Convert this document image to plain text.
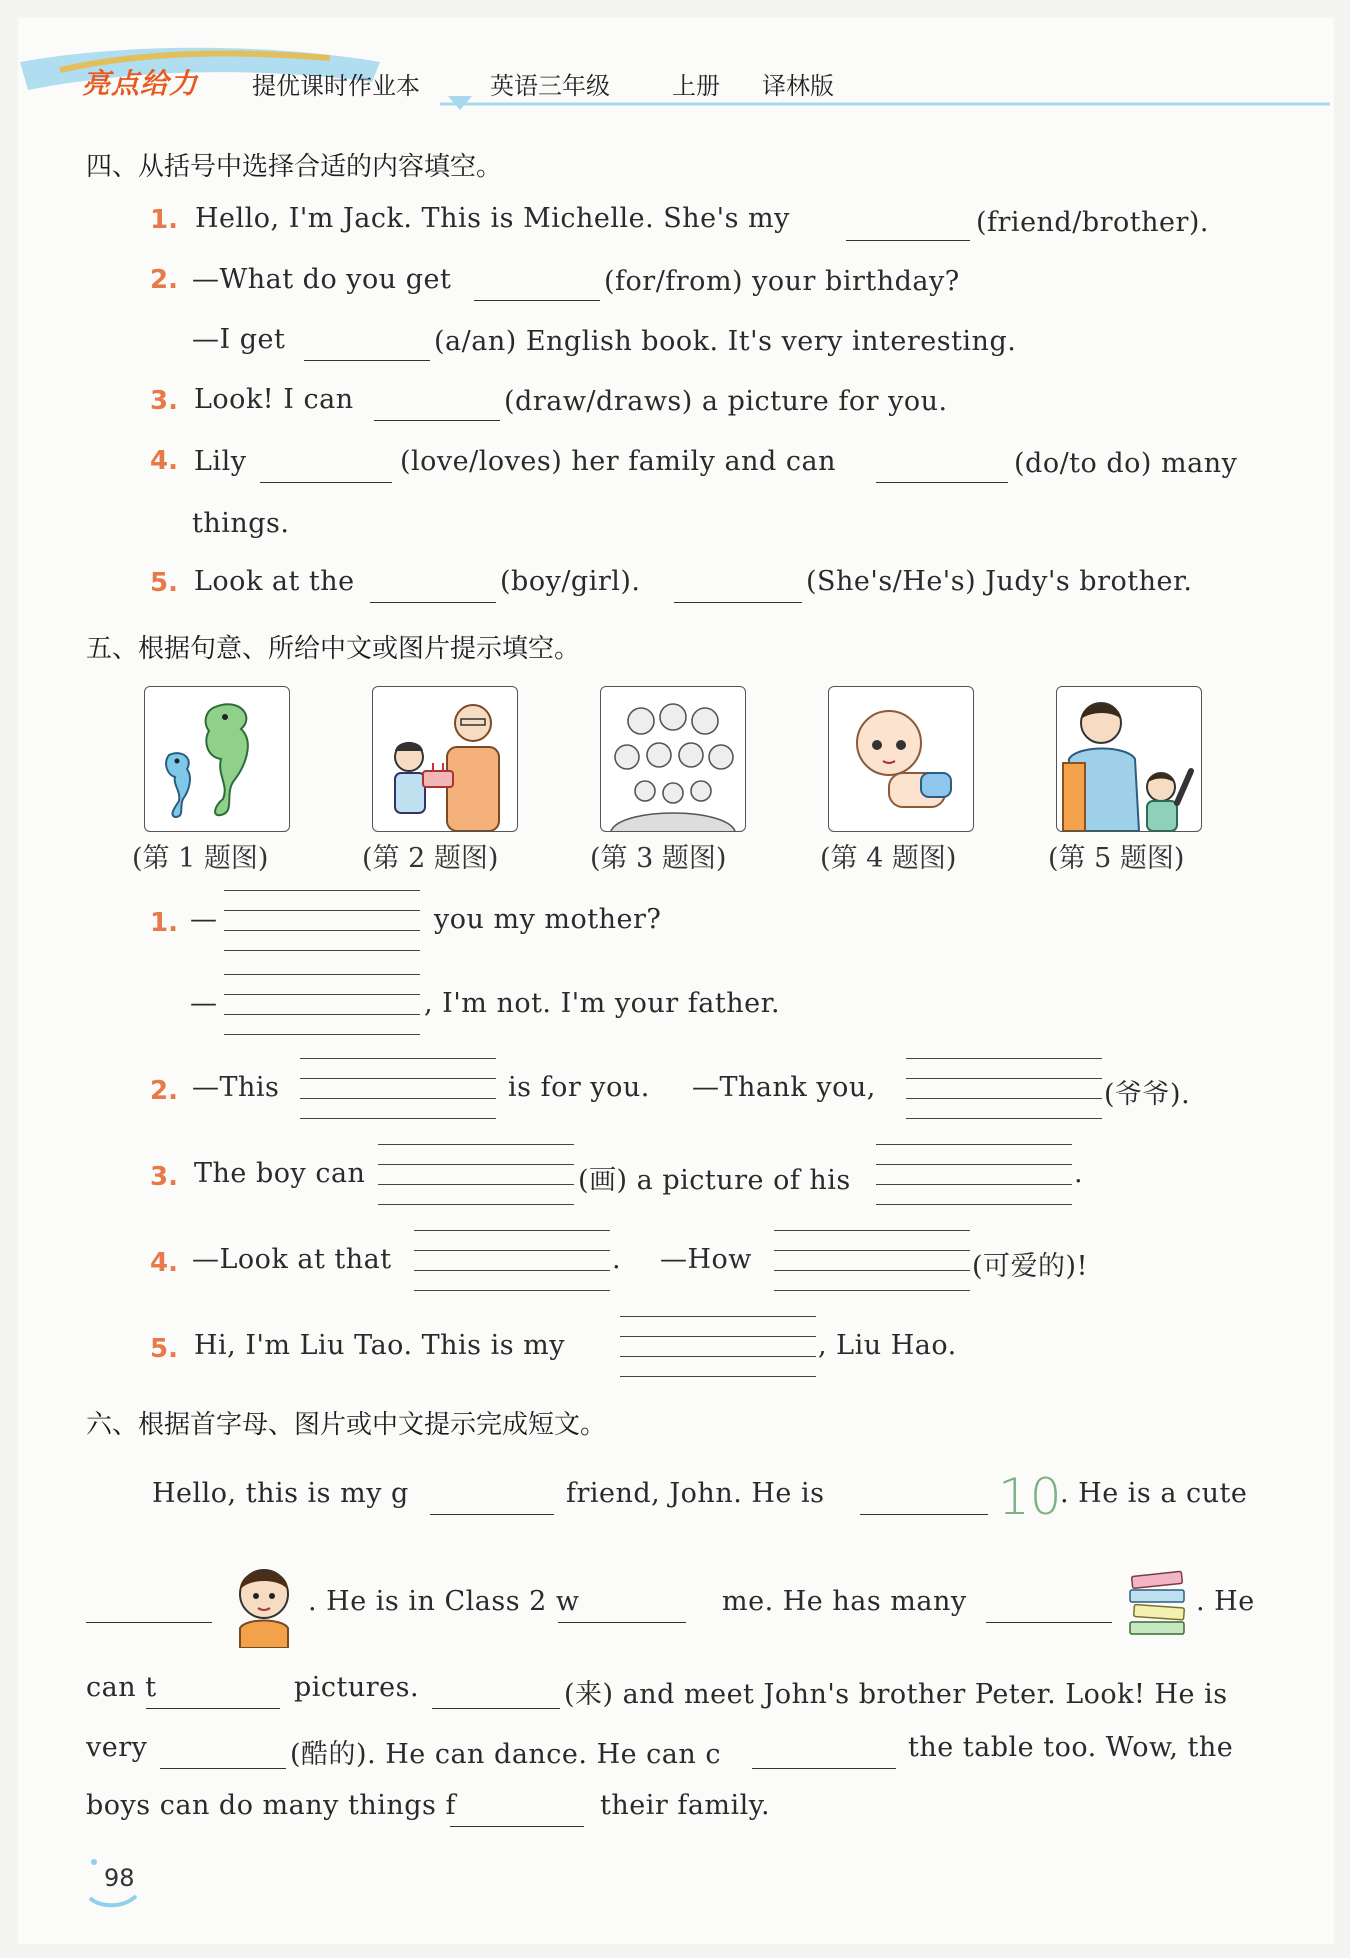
亮点给力 提优课时作业本	英语三年级	上册 译林版
四、从括号中选择合适的内容填空。
1. Hello, I'm Jack. This is Michelle. She's my	(friend/brother).
2. —What do you get	(for/from) your birthday?
—I get	(a/an) English book. It's very interesting.
3. Look! I can	(draw/draws) a picture for you.
4. Lily	(love/loves) her family and can	(do/to do) many
things.
5. Look at the	(boy/girl).	(She's/He's) Judy's brother.
五、根据句意、所给中文或图片提示填空。
(第 1 题图)	(第 2 题图)	(第 3 题图)	(第 4 题图)	(第 5 题图)
1. —	you my mother?
—	, I'm not. I'm your father.
2. —This	is for you. —Thank you,	(爷爷).
3. The boy can	(画) a picture of his	.
4. —Look at that	. —How	(可爱的)!
5. Hi, I'm Liu Tao. This is my	, Liu Hao.
六、根据首字母、图片或中文提示完成短文。
Hello, this is my g	friend, John. He is	10
. He is a cute
. He is in Class 2 w	me. He has many	. He
can t	pictures.	(来) and meet John's brother Peter. Look! He is
very	(酷的). He can dance. He can c	the table too. Wow, the
boys can do many things f	their family.
98
